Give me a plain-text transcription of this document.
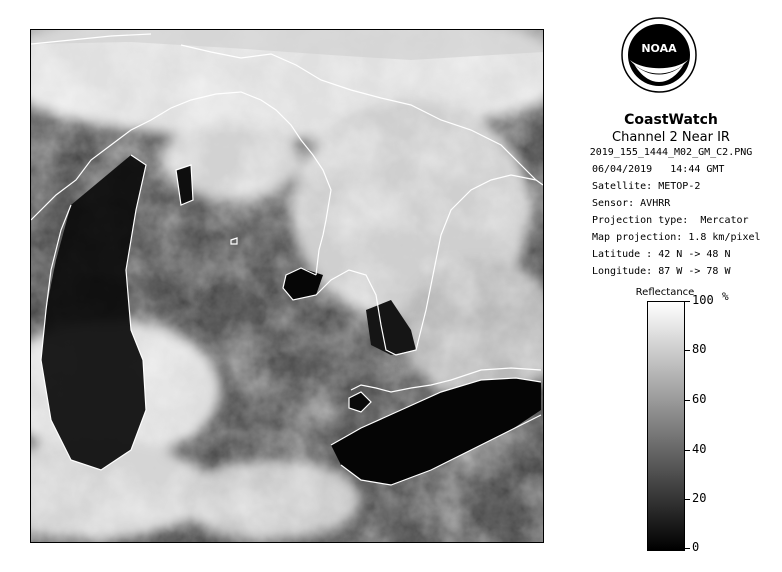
NOAA
CoastWatch
Channel 2 Near IR
2019_155_1444_M02_GM_C2.PNG
06/04/2019   14:44 GMT
Satellite: METOP-2
Sensor: AVHRR
Projection type:  Mercator
Map projection: 1.8 km/pixel
Latitude : 42 N -> 48 N
Longitude: 87 W -> 78 W
Reflectance
100
80
60
40
20
0
%
